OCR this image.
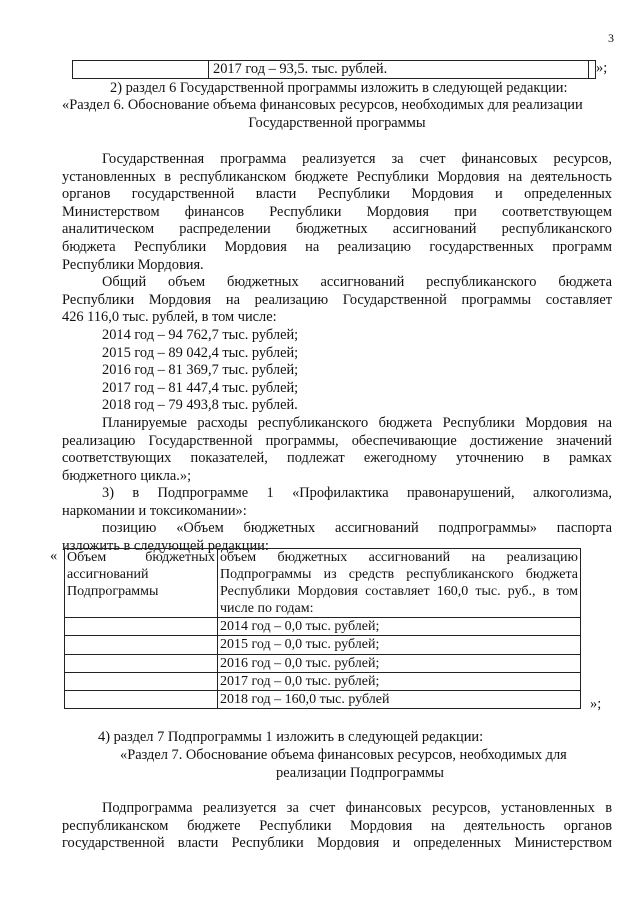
3
2017 год – 93,5. тыс. рублей.	»;
2) раздел 6 Государственной программы изложить в следующей редакции:
«Раздел 6. Обоснование объема финансовых ресурсов, необходимых для реализации
Государственной программы
Государственная программа реализуется за счет финансовых ресурсов,
установленных в республиканском бюджете Республики Мордовия на деятельность
органов государственной власти Республики Мордовия и определенных
Министерством финансов Республики Мордовия при соответствующем
аналитическом распределении бюджетных ассигнований республиканского
бюджета Республики Мордовия на реализацию государственных программ
Республики Мордовия.
Общий объем бюджетных ассигнований республиканского бюджета
Республики Мордовия на реализацию Государственной программы составляет
426 116,0 тыс. рублей, в том числе:
2014 год – 94 762,7 тыс. рублей;
2015 год – 89 042,4 тыс. рублей;
2016 год – 81 369,7 тыс. рублей;
2017 год – 81 447,4 тыс. рублей;
2018 год – 79 493,8 тыс. рублей.
Планируемые расходы республиканского бюджета Республики Мордовия на
реализацию Государственной программы, обеспечивающие достижение значений
соответствующих показателей, подлежат ежегодному уточнению в рамках
бюджетного цикла.»;
3) в Подпрограмме 1 «Профилактика правонарушений, алкоголизма,
наркомании и токсикомании»:
позицию «Объем бюджетных ассигнований подпрограммы» паспорта
изложить в следующей редакции:
« Объем бюджетных
ассигнований
Подпрограммы	объем бюджетных ассигнований на реализацию
Подпрограммы из средств республиканского бюджета
Республики Мордовия составляет 160,0 тыс. руб., в том
числе по годам:

	2014 год – 0,0 тыс. рублей;
	2015 год – 0,0 тыс. рублей;
	2016 год – 0,0 тыс. рублей;
	2017 год – 0,0 тыс. рублей;
	2018 год – 160,0 тыс. рублей	»;
4) раздел 7 Подпрограммы 1 изложить в следующей редакции:
«Раздел 7. Обоснование объема финансовых ресурсов, необходимых для
реализации Подпрограммы
Подпрограмма реализуется за счет финансовых ресурсов, установленных в
республиканском бюджете Республики Мордовия на деятельность органов
государственной власти Республики Мордовия и определенных Министерством
